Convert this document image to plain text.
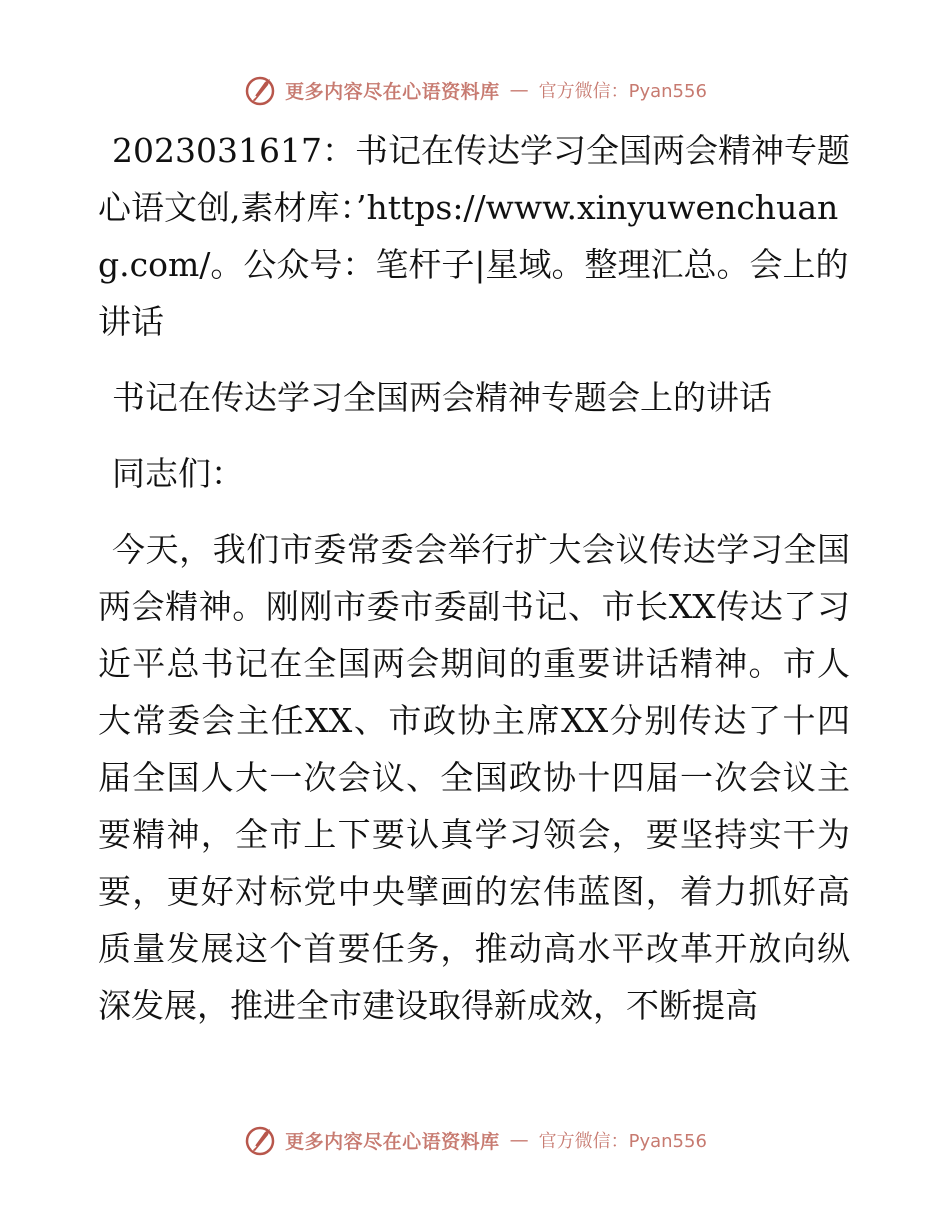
更多内容尽在心语资料库 — 官方微信：Pyan556

2023031617：书记在传达学习全国两会精神专题心语文创,素材库：’https://www.xinyuwenchuang.com/。公众号：笔杆子|星域。整理汇总。会上的讲话

书记在传达学习全国两会精神专题会上的讲话

同志们：

今天，我们市委常委会举行扩大会议传达学习全国两会精神。刚刚市委市委副书记、市长XX传达了习近平总书记在全国两会期间的重要讲话精神。市人大常委会主任XX、市政协主席XX分别传达了十四届全国人大一次会议、全国政协十四届一次会议主要精神，全市上下要认真学习领会，要坚持实干为要，更好对标党中央擘画的宏伟蓝图，着力抓好高质量发展这个首要任务，推动高水平改革开放向纵深发展，推进全市建设取得新成效，不断提高

更多内容尽在心语资料库 — 官方微信：Pyan556
